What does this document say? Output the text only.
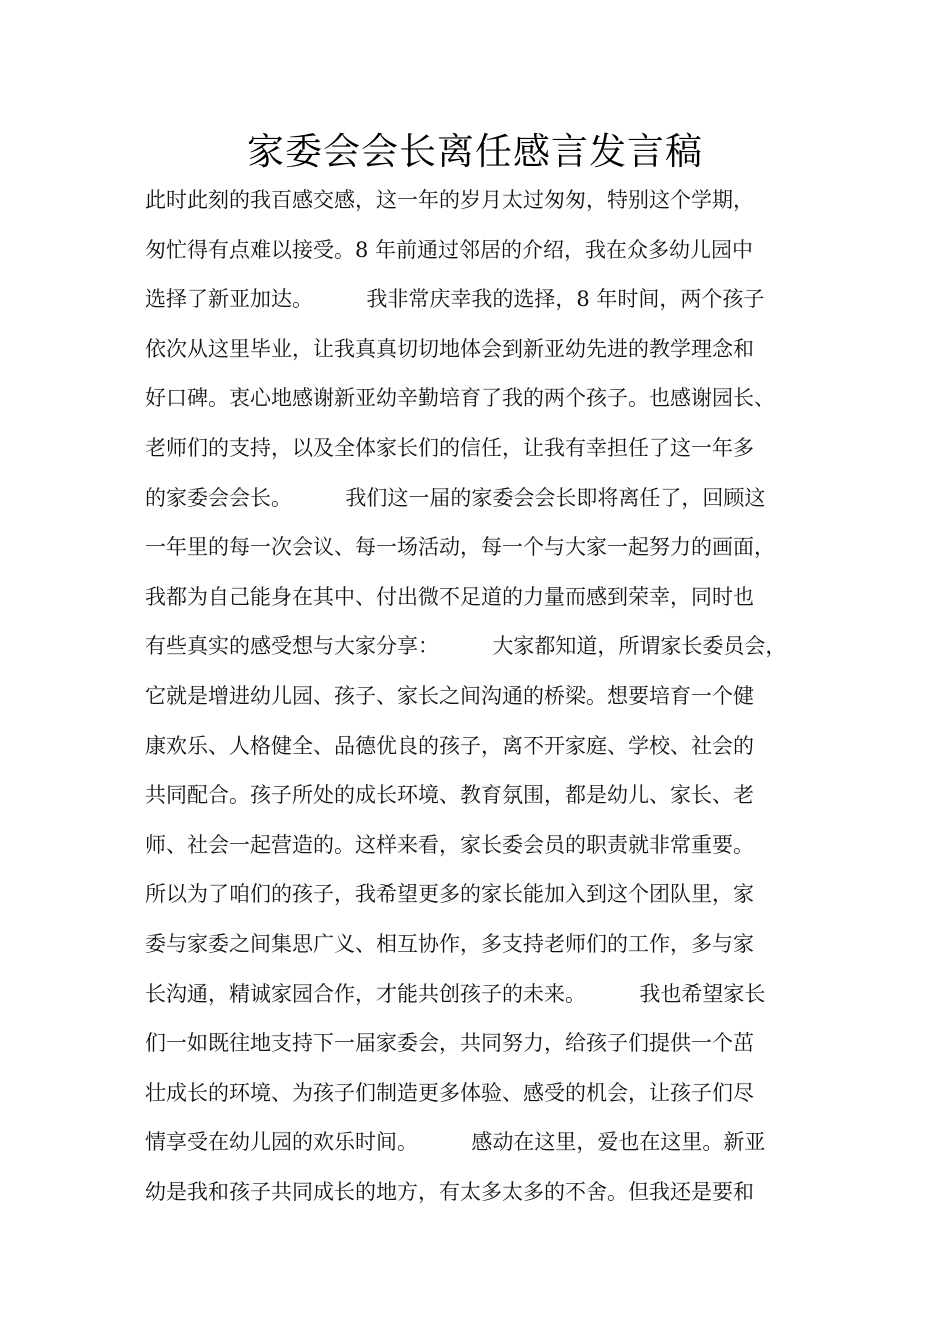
家委会会长离任感言发言稿
此时此刻的我百感交感，这一年的岁月太过匆匆，特别这个学期，
匆忙得有点难以接受。8 年前通过邻居的介绍，我在众多幼儿园中
选择了新亚加达。        我非常庆幸我的选择，8 年时间，两个孩子
依次从这里毕业，让我真真切切地体会到新亚幼先进的教学理念和
好口碑。衷心地感谢新亚幼辛勤培育了我的两个孩子。也感谢园长、
老师们的支持，以及全体家长们的信任，让我有幸担任了这一年多
的家委会会长。        我们这一届的家委会会长即将离任了，回顾这
一年里的每一次会议、每一场活动，每一个与大家一起努力的画面，
我都为自己能身在其中、付出微不足道的力量而感到荣幸，同时也
有些真实的感受想与大家分享：        大家都知道，所谓家长委员会，
它就是增进幼儿园、孩子、家长之间沟通的桥梁。想要培育一个健
康欢乐、人格健全、品德优良的孩子，离不开家庭、学校、社会的
共同配合。孩子所处的成长环境、教育氛围，都是幼儿、家长、老
师、社会一起营造的。这样来看，家长委会员的职责就非常重要。
所以为了咱们的孩子，我希望更多的家长能加入到这个团队里，家
委与家委之间集思广义、相互协作，多支持老师们的工作，多与家
长沟通，精诚家园合作，才能共创孩子的未来。        我也希望家长
们一如既往地支持下一届家委会，共同努力，给孩子们提供一个茁
壮成长的环境、为孩子们制造更多体验、感受的机会，让孩子们尽
情享受在幼儿园的欢乐时间。        感动在这里，爱也在这里。新亚
幼是我和孩子共同成长的地方，有太多太多的不舍。但我还是要和
